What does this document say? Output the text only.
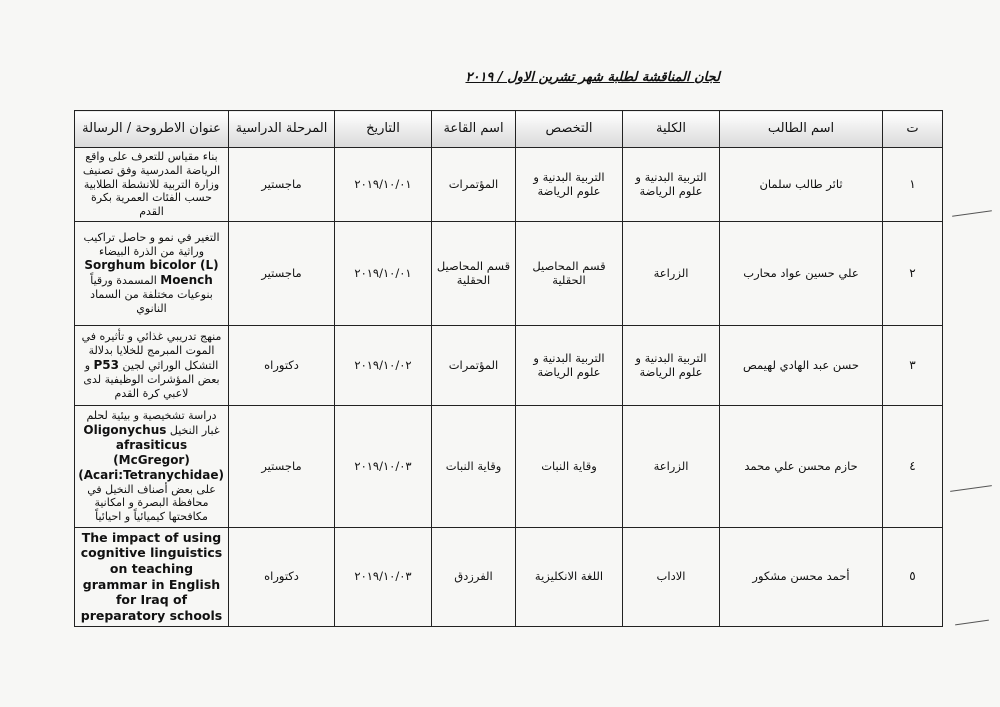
لجان المناقشة لطلبة شهر تشرين الاول / ٢٠١٩
ت	اسم الطالب	الكلية	التخصص	اسم القاعة	التاريخ	المرحلة الدراسية	عنوان الاطروحة / الرسالة
١	ثائر طالب سلمان	التربية البدنية و علوم الرياضة	التربية البدنية و علوم الرياضة	المؤتمرات	٢٠١٩/١٠/٠١	ماجستير	بناء مقياس للتعرف على واقع الرياضة المدرسية وفق تصنيف وزارة التربية للانشطة الطلابية حسب الفئات العمرية بكرة القدم
٢	علي حسين عواد محارب	الزراعة	قسم المحاصيل الحقلية	قسم المحاصيل الحقلية	٢٠١٩/١٠/٠١	ماجستير	التغير في نمو و حاصل تراكيب وراثية من الذرة البيضاء Sorghum bicolor (L) Moench المسمدة ورقياً بنوعيات مختلفة من السماد النانوي
٣	حسن عبد الهادي لهيمص	التربية البدنية و علوم الرياضة	التربية البدنية و علوم الرياضة	المؤتمرات	٢٠١٩/١٠/٠٢	دكتوراه	منهج تدريبي غذائي و تأثيره في الموت المبرمج للخلايا بدلالة التشكل الوراثي لجين P53 و بعض المؤشرات الوظيفية لدى لاعبي كرة القدم
٤	حازم محسن علي محمد	الزراعة	وقاية النبات	وقاية النبات	٢٠١٩/١٠/٠٣	ماجستير	دراسة تشخيصية و بيئية لحلم غبار النخيل Oligonychus afrasiticus (McGregor) (Acari:Tetranychidae) على بعض أصناف النخيل في محافظة البصرة و امكانية مكافحتها كيميائياً و احيائياً
٥	أحمد محسن مشكور	الاداب	اللغة الانكليزية	الفرزدق	٢٠١٩/١٠/٠٣	دكتوراه	The impact of using cognitive linguistics on teaching grammar in English for Iraq of preparatory schools
